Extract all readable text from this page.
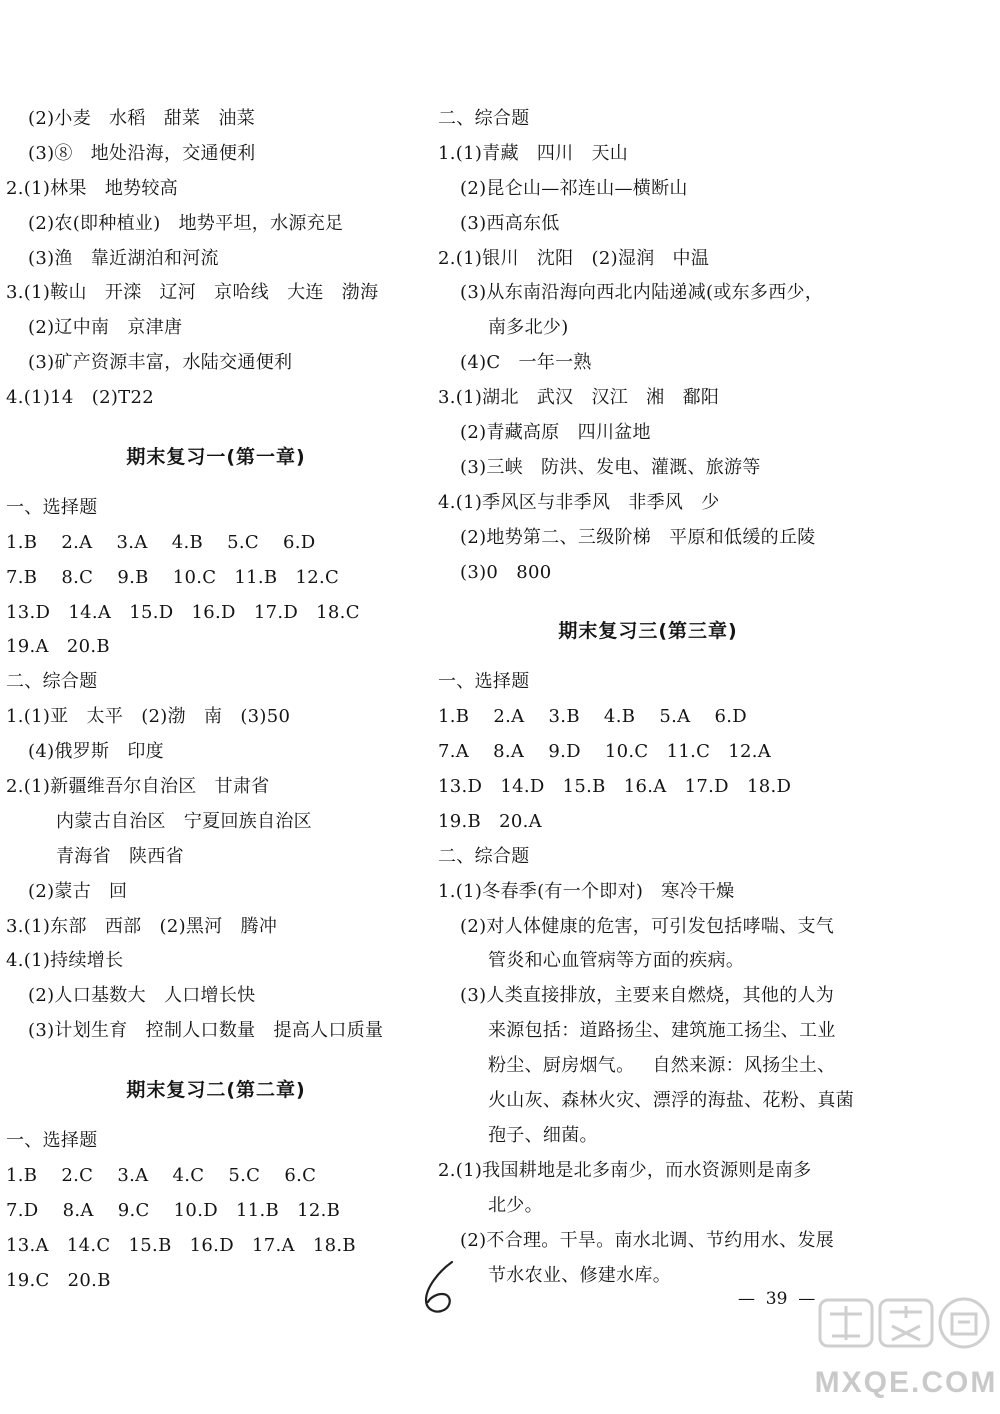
(2)小麦   水稻   甜菜   油菜
(3)⑧   地处沿海，交通便利
2.(1)林果   地势较高
(2)农(即种植业)   地势平坦，水源充足
(3)渔   靠近湖泊和河流
3.(1)鞍山   开滦   辽河   京哈线   大连   渤海
(2)辽中南   京津唐
(3)矿产资源丰富，水陆交通便利
4.(1)14   (2)T22
期末复习一(第一章)
一、选择题
1.B    2.A    3.A    4.B    5.C    6.D
7.B    8.C    9.B    10.C   11.B   12.C
13.D   14.A   15.D   16.D   17.D   18.C
19.A   20.B
二、综合题
1.(1)亚   太平   (2)渤   南   (3)50
(4)俄罗斯   印度
2.(1)新疆维吾尔自治区   甘肃省
内蒙古自治区   宁夏回族自治区
青海省   陕西省
(2)蒙古   回
3.(1)东部   西部   (2)黑河   腾冲
4.(1)持续增长
(2)人口基数大   人口增长快
(3)计划生育   控制人口数量   提高人口质量
期末复习二(第二章)
一、选择题
1.B    2.C    3.A    4.C    5.C    6.C
7.D    8.A    9.C    10.D   11.B   12.B
13.A   14.C   15.B   16.D   17.A   18.B
19.C   20.B
二、综合题
1.(1)青藏   四川   天山
(2)昆仑山—祁连山—横断山
(3)西高东低
2.(1)银川   沈阳   (2)湿润   中温
(3)从东南沿海向西北内陆递减(或东多西少，
南多北少)
(4)C   一年一熟
3.(1)湖北   武汉   汉江   湘   鄱阳
(2)青藏高原   四川盆地
(3)三峡   防洪、发电、灌溉、旅游等
4.(1)季风区与非季风   非季风   少
(2)地势第二、三级阶梯   平原和低缓的丘陵
(3)0   800
期末复习三(第三章)
一、选择题
1.B    2.A    3.B    4.B    5.A    6.D
7.A    8.A    9.D    10.C   11.C   12.A
13.D   14.D   15.B   16.A   17.D   18.D
19.B   20.A
二、综合题
1.(1)冬春季(有一个即对)   寒冷干燥
(2)对人体健康的危害，可引发包括哮喘、支气
管炎和心血管病等方面的疾病。
(3)人类直接排放，主要来自燃烧，其他的人为
来源包括：道路扬尘、建筑施工扬尘、工业
粉尘、厨房烟气。   自然来源：风扬尘土、
火山灰、森林火灾、漂浮的海盐、花粉、真菌
孢子、细菌。
2.(1)我国耕地是北多南少，而水资源则是南多
北少。
(2)不合理。干旱。南水北调、节约用水、发展
节水农业、修建水库。
—  39  —
MXQE.COM
